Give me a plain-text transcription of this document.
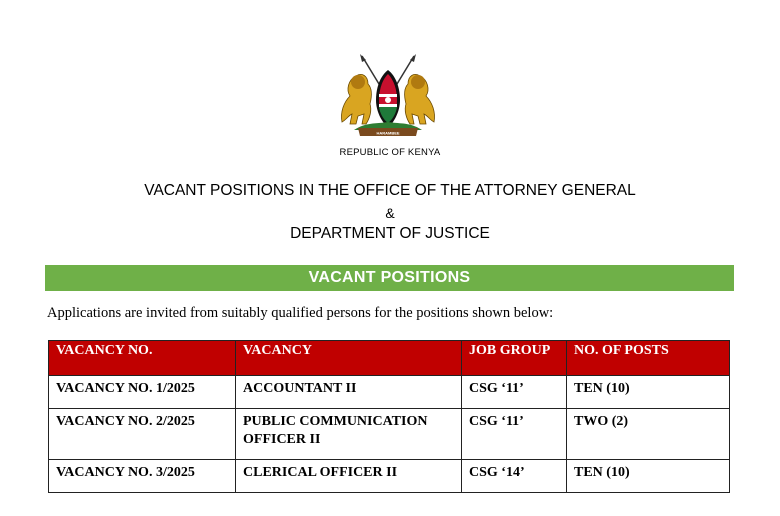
HARAMBEE
REPUBLIC OF KENYA
VACANT POSITIONS IN THE OFFICE OF THE ATTORNEY GENERAL
&
DEPARTMENT OF JUSTICE
VACANT POSITIONS
Applications are invited from suitably qualified persons for the positions shown below:
VACANCY NO.	VACANCY	JOB GROUP	NO. OF POSTS
VACANCY NO. 1/2025	ACCOUNTANT II	CSG ‘11’	TEN (10)
VACANCY NO. 2/2025	PUBLIC COMMUNICATION OFFICER II	CSG ‘11’	TWO (2)
VACANCY NO. 3/2025	CLERICAL OFFICER II	CSG ‘14’	TEN (10)
